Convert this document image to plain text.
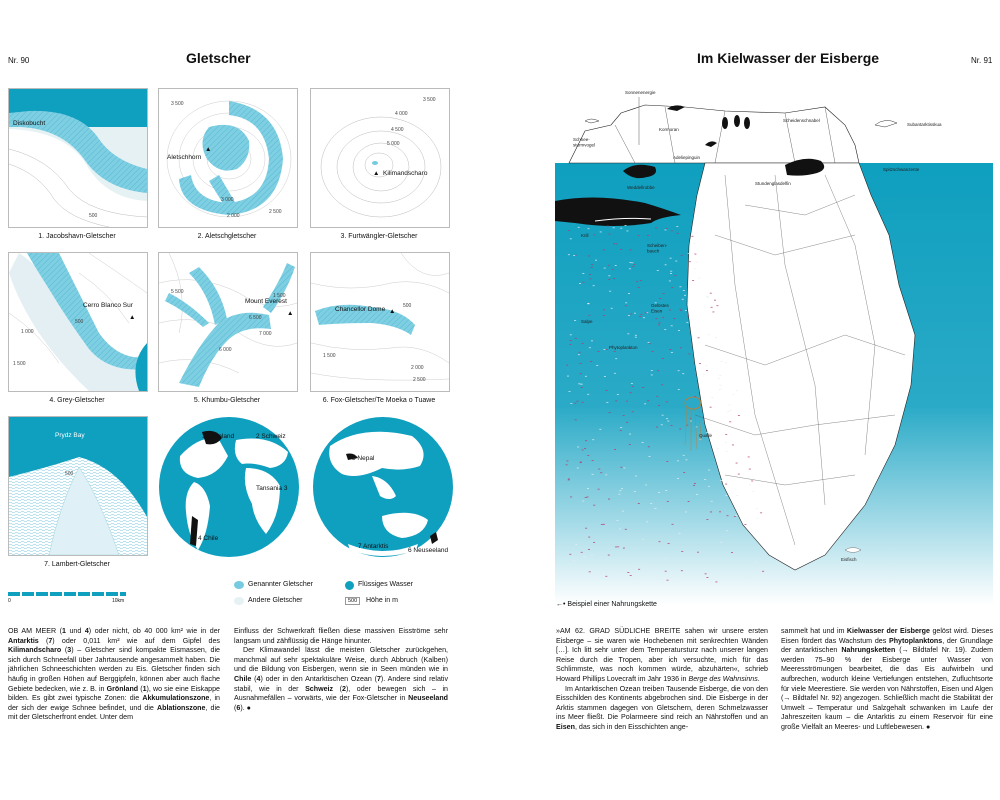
Nr. 90	Gletscher
Diskobucht
500
1. Jacobshavn-Gletscher
Aletschhorn
▲
3 000
3 500
2 000
2 500
2. Aletschgletscher
▲ Kilimandscharo
4 000
4 500
5 000
3 500
3. Furtwängler-Gletscher
Cerro Blanco Sur
▲
1 000
500
1 500
4. Grey-Gletscher
Mount Everest
▲
5 500
6 500
7 000
6 000
1 500
5. Khumbu-Gletscher
Chancellor Dome ▲
2 000
2 500
500
1 500
6. Fox-Gletscher/Te Moeka o Tuawe
Prydz Bay
500
7. Lambert-Gletscher
1 Grönland	2 Schweiz
Tansania 3
4 Chile
5 Nepal
7 Antarktis
6 Neuseeland
0	10km
Genannter Gletscher
Andere Gletscher
Flüssiges Wasser
500	Höhe in m

OB AM MEER (1 und 4) oder nicht, ob 40 000 km² wie in der Antarktis (7) oder 0,011 km² wie auf dem Gipfel des Kilimandscharo (3) – Gletscher sind kompakte Eismassen, die sich durch Schneefall über Jahrtausende angesammelt haben. Die jährlichen Schneeschichten werden zu Eis. Gletscher finden sich häufig in großen Höhen auf Berggipfeln, können aber auch flache Gebiete bedecken, wie z. B. in Grönland (1), wo sie eine Eiskappe bilden. Es gibt zwei typische Zonen: die Akkumulationszone, in der sich der ewige Schnee befindet, und die Ablationszone, die mit der Gletscherfront endet. Unter dem

Einfluss der Schwerkraft fließen diese massiven Eisströme sehr langsam und zähflüssig die Hänge hinunter.

Der Klimawandel lässt die meisten Gletscher zurückgehen, manchmal auf sehr spektakuläre Weise, durch Abbruch (Kalben) und die Bildung von Eisbergen, wenn sie in Seen münden wie in Chile (4) oder in den Antarktischen Ozean (7). Andere sind relativ stabil, wie in der Schweiz (2), oder bewegen sich – in Ausnahmefällen – vorwärts, wie der Fox-Gletscher in Neuseeland (6). ●

Im Kielwasser der Eisberge	Nr. 91
Sonnenenergie
Schnee-sturmvogel
Kormoran
Adeliepinguin
Scheidenschnabel
Subantarktisskua
Spitzschwanzente
Weddellrobbe
Stundenglasdelfin
Krill
Scheiben-bauch
Gelöstes Eisen
Salpe
Phytoplankton
Qualle
Eisfisch
←• Beispiel einer Nahrungskette

»AM 62. GRAD SÜDLICHE BREITE sahen wir unsere ersten Eisberge – sie waren wie Hochebenen mit senkrechten Wänden […]. Ich litt sehr unter dem Temperatursturz nach unserer langen Reise durch die Tropen, aber ich versuchte, mich für das Schlimmste, was noch kommen würde, abzuhärten«, schrieb Howard Phillips Lovecraft im Jahr 1936 in Berge des Wahnsinns.

Im Antarktischen Ozean treiben Tausende Eisberge, die von den Eisschilden des Kontinents abgebrochen sind. Die Eisberge in der Arktis stammen dagegen von Gletschern, deren Schmelzwasser ins Meer fließt. Die Polarmeere sind reich an Nährstoffen und an Eisen, das sich in den Eisschichten ange-

sammelt hat und im Kielwasser der Eisberge gelöst wird. Dieses Eisen fördert das Wachstum des Phytoplanktons, der Grundlage der antarktischen Nahrungsketten (→ Bildtafel Nr. 19). Zudem werden 75–90 % der Eisberge unter Wasser von Meeresströmungen bearbeitet, die das Eis aufwirbeln und aufbrechen, wodurch kleine Vertiefungen entstehen, Zufluchtsorte für viele Meerestiere. Sie werden von Nährstoffen, Eisen und Algen (→ Bildtafel Nr. 92) angezogen. Schließlich macht die Stabilität der Umwelt – Temperatur und Salzgehalt schwanken im Laufe der Jahreszeiten kaum – die Antarktis zu einem Reservoir für eine große Vielfalt an Meeres- und Luftlebewesen. ●
